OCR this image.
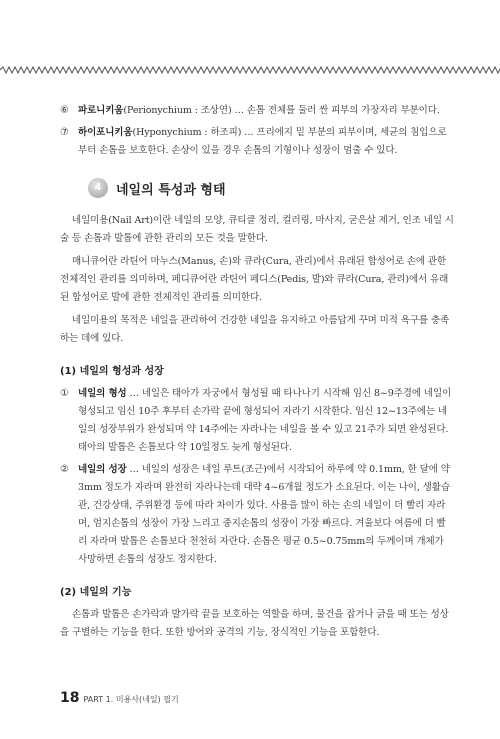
⑥ 파로니키움(Perionychium : 조상연) … 손톱 전체를 둘러 싼 피부의 가장자리 부분이다.
⑦ 하이포니키움(Hyponychium : 하조피) … 프리에지 밑 부분의 피부이며, 세균의 침입으로부터 손톱을 보호한다. 손상이 있을 경우 손톱의 기형이나 성장이 멈출 수 있다.
4	네일의 특성과 형태

네일미용(Nail Art)이란 네일의 모양, 큐티클 정리, 컬러링, 마사지, 굳은살 제거, 인조 네일 시술 등 손톱과 발톱에 관한 관리의 모든 것을 말한다.

매니큐어란 라틴어 마누스(Manus, 손)와 큐라(Cura, 관리)에서 유래된 합성어로 손에 관한 전체적인 관리를 의미하며, 페디큐어란 라틴어 페디스(Pedis, 발)와 큐라(Cura, 관리)에서 유래된 합성어로 발에 관한 전체적인 관리를 의미한다.

네일미용의 목적은 네일을 관리하여 건강한 네일을 유지하고 아름답게 꾸며 미적 욕구를 충족하는 데에 있다.

(1) 네일의 형성과 성장
① 네일의 형성 … 네일은 태아가 자궁에서 형성될 때 타나나기 시작해 임신 8~9주경에 네일이 형성되고 임신 10주 후부터 손가락 끝에 형성되어 자라기 시작한다. 임신 12~13주에는 네일의 성장부위가 완성되며 약 14주에는 자라나는 네일을 볼 수 있고 21주가 되면 완성된다. 태아의 발톱은 손톱보다 약 10일정도 늦게 형성된다.
② 네일의 성장 … 네일의 성장은 네일 루트(조근)에서 시작되어 하루에 약 0.1mm, 한 달에 약 3mm 정도가 자라며 완전히 자라나는데 대략 4~6개월 정도가 소요된다. 이는 나이, 생활습관, 건강상태, 주위환경 등에 따라 차이가 있다. 사용을 많이 하는 손의 네일이 더 빨리 자라며, 엄지손톱의 성장이 가장 느리고 중지손톱의 성장이 가장 빠르다. 겨울보다 여름에 더 빨리 자라며 발톱은 손톱보다 천천히 자란다. 손톱은 평균 0.5~0.75mm의 두께이며 개체가 사망하면 손톱의 성장도 정지한다.
(2) 네일의 기능

손톱과 발톱은 손가락과 발가락 끝을 보호하는 역할을 하며, 물건을 잡거나 긁을 때 또는 성상을 구별하는 기능을 한다. 또한 방어와 공격의 기능, 장식적인 기능을 포함한다.

18 PART 1. 미용사(네일) 필기
